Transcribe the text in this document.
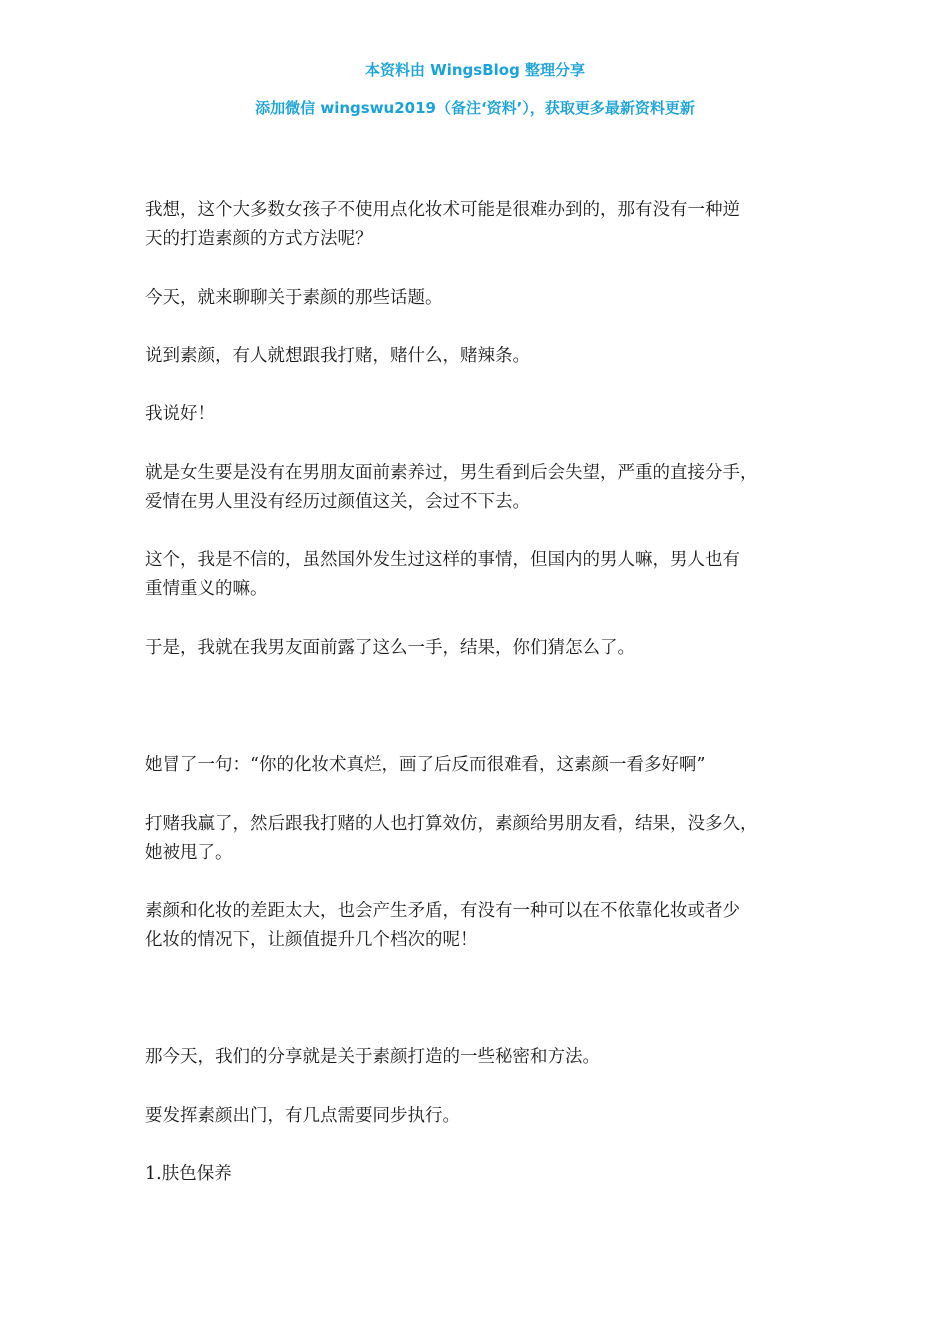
本资料由 WingsBlog 整理分享
添加微信 wingswu2019（备注‘资料’），获取更多最新资料更新

我想，这个大多数女孩子不使用点化妆术可能是很难办到的，那有没有一种逆
天的打造素颜的方式方法呢？

今天，就来聊聊关于素颜的那些话题。

说到素颜，有人就想跟我打赌，赌什么，赌辣条。

我说好！

就是女生要是没有在男朋友面前素养过，男生看到后会失望，严重的直接分手，
爱情在男人里没有经历过颜值这关，会过不下去。

这个，我是不信的，虽然国外发生过这样的事情，但国内的男人嘛，男人也有
重情重义的嘛。

于是，我就在我男友面前露了这么一手，结果，你们猜怎么了。

她冒了一句：“你的化妆术真烂，画了后反而很难看，这素颜一看多好啊”

打赌我赢了，然后跟我打赌的人也打算效仿，素颜给男朋友看，结果，没多久，
她被甩了。

素颜和化妆的差距太大，也会产生矛盾，有没有一种可以在不依靠化妆或者少
化妆的情况下，让颜值提升几个档次的呢！

那今天，我们的分享就是关于素颜打造的一些秘密和方法。

要发挥素颜出门，有几点需要同步执行。

1.肤色保养
